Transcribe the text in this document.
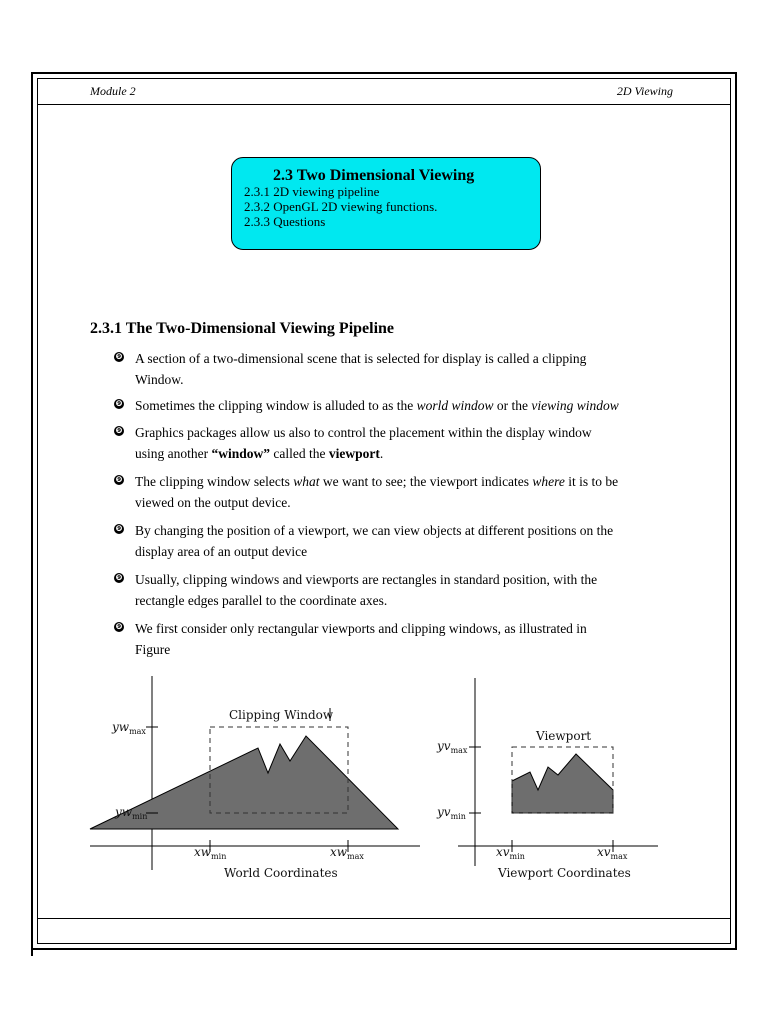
Module 2	2D Viewing
2.3 Two Dimensional Viewing
2.3.1 2D viewing pipeline
2.3.2 OpenGL 2D viewing functions.
2.3.3 Questions
2.3.1 The Two-Dimensional Viewing Pipeline
❾ A section of a two-dimensional scene that is selected for display is called a clipping
Window.
❾ Sometimes the clipping window is alluded to as the world window or the viewing window
❾ Graphics packages allow us also to control the placement within the display window
using another “window” called the viewport.
❾ The clipping window selects what we want to see; the viewport indicates where it is to be
viewed on the output device.
❾ By changing the position of a viewport, we can view objects at different positions on the
display area of an output device
❾ Usually, clipping windows and viewports are rectangles in standard position, with the
rectangle edges parallel to the coordinate axes.
❾ We first consider only rectangular viewports and clipping windows, as illustrated in
Figure
Clipping Window
World Coordinates
$yw_{max}$
$yw_{min}$
$xw_{min}$	$xw_{max}$
Viewport
Viewport Coordinates
$yv_{max}$
$yv_{min}$
$xv_{min}$	$xv_{max}$
